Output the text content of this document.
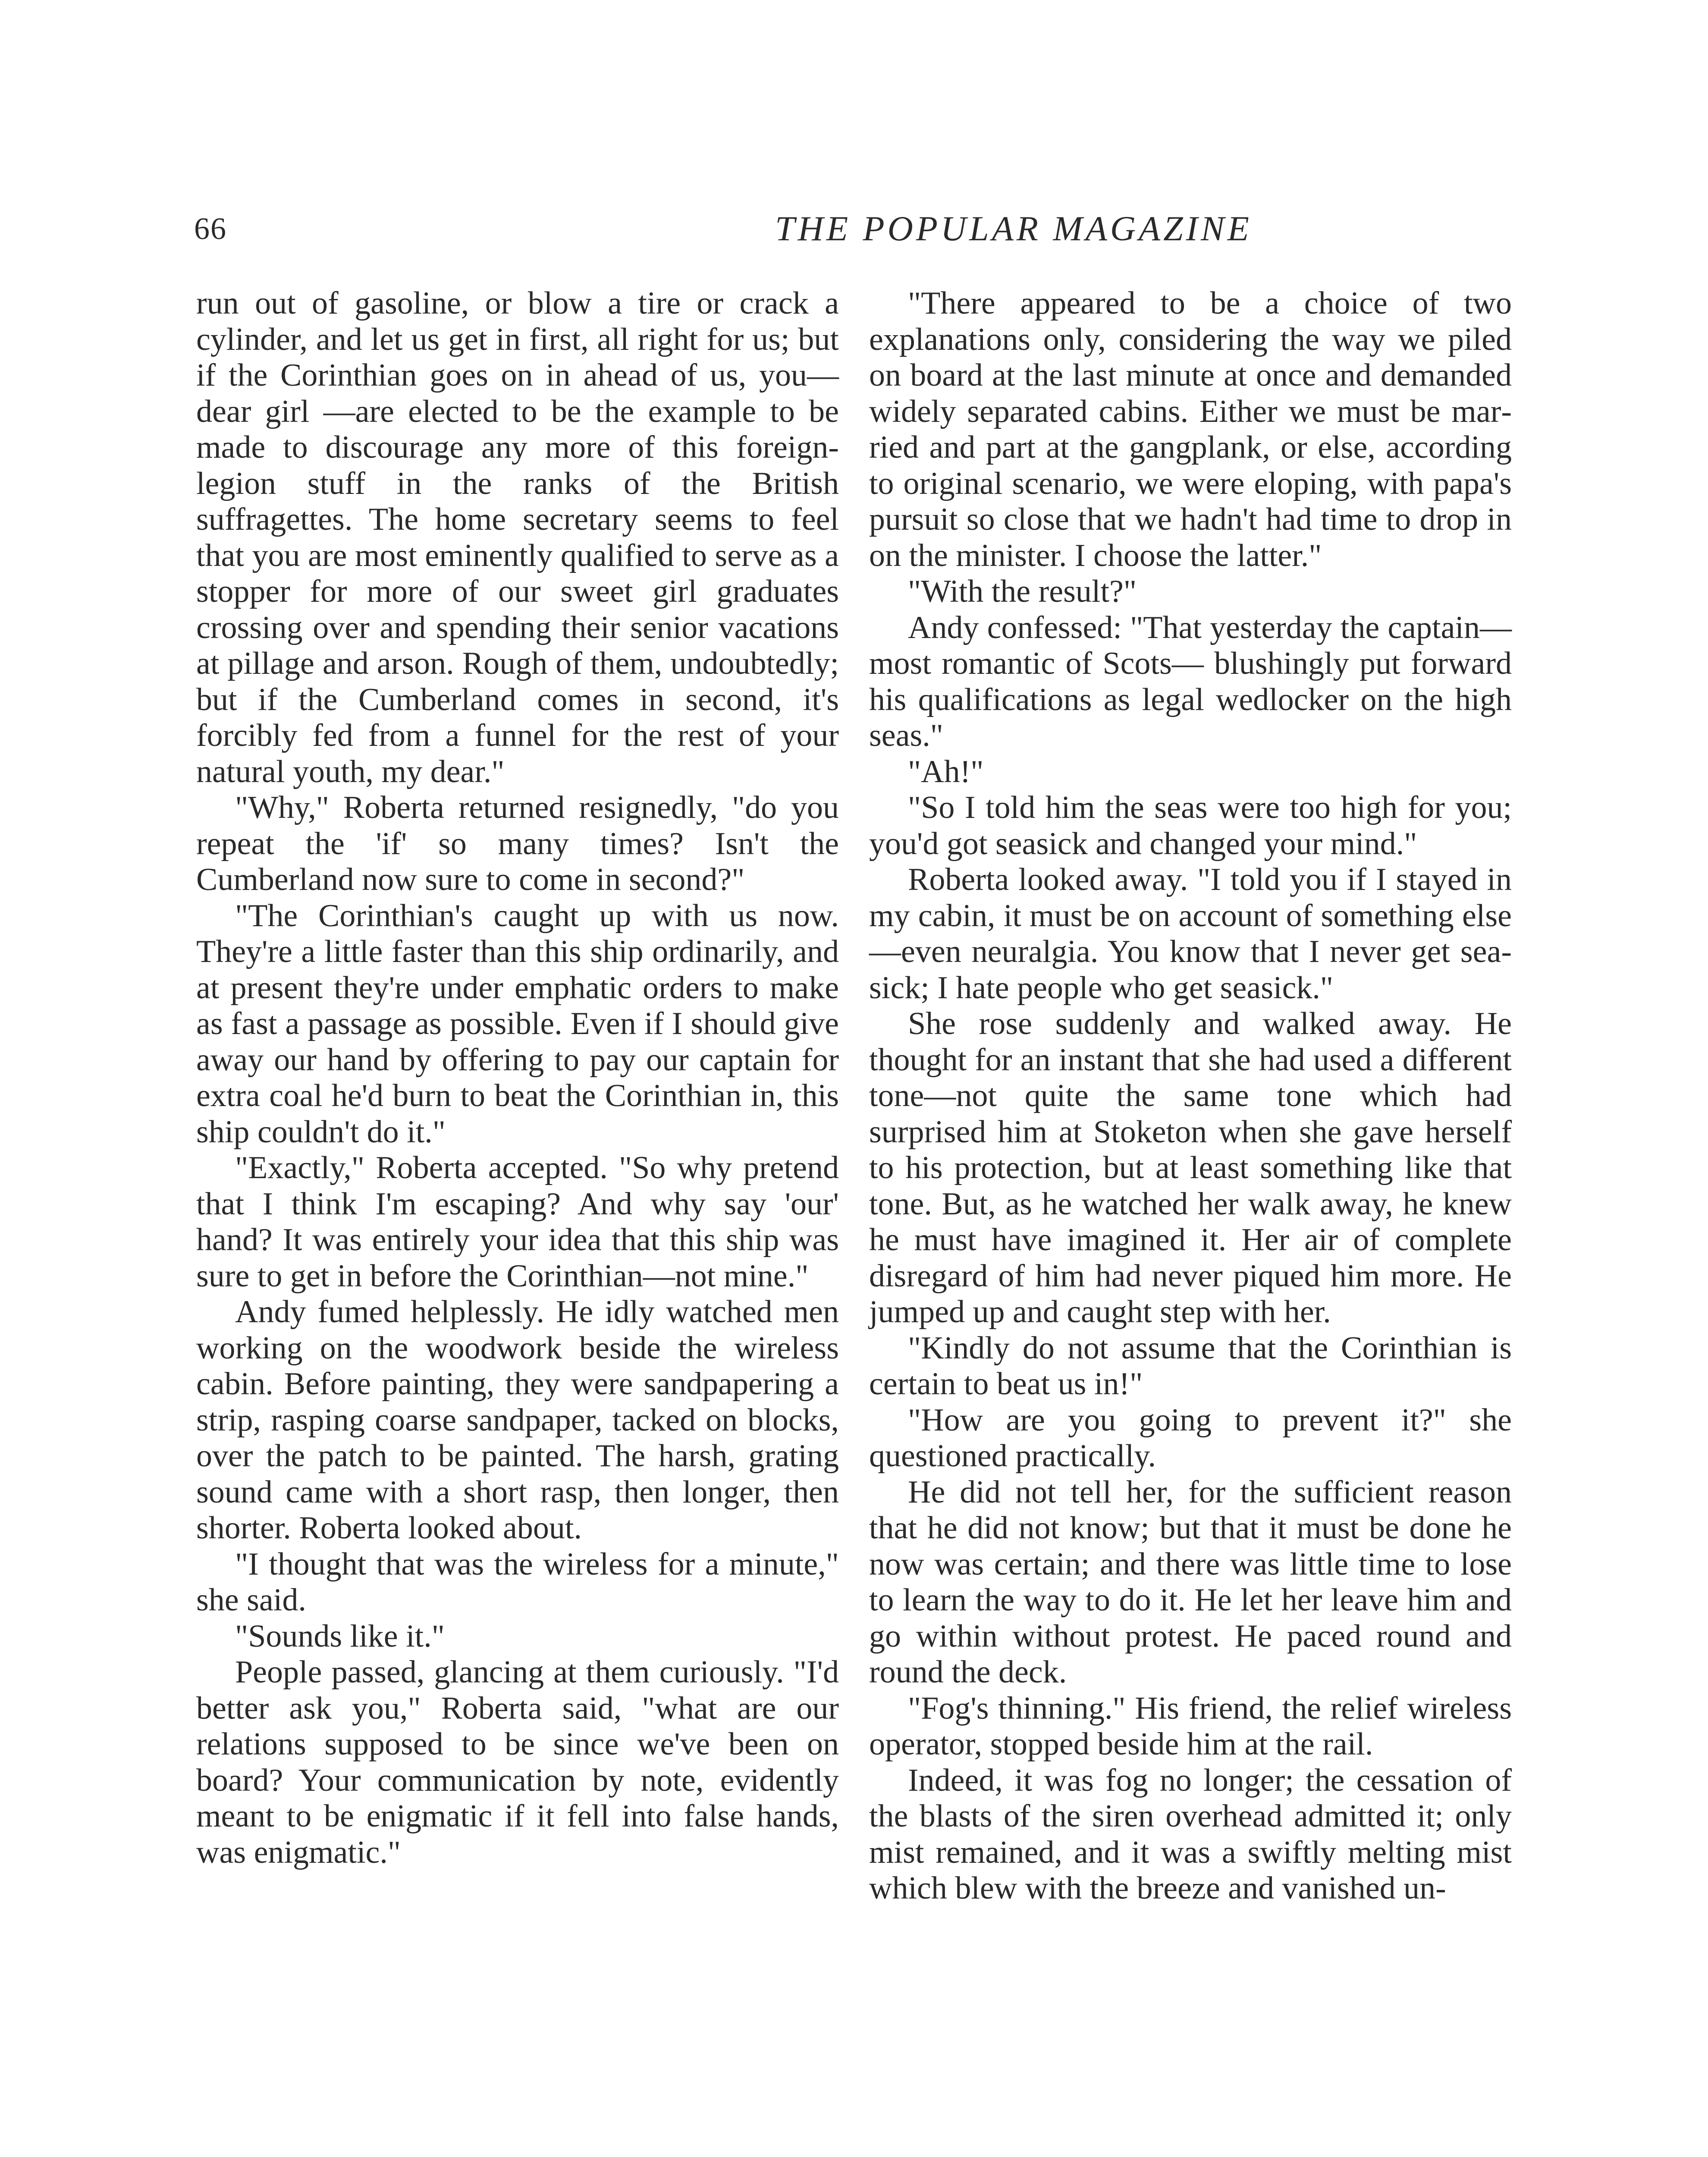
66	THE POPULAR MAGAZINE

run out of gasoline, or blow a tire or crack a cylinder, and let us get in first, all right for us; but if the Corinthian goes on in ahead of us, you—dear girl —are elected to be the example to be made to discourage any more of this foreign-legion stuff in the ranks of the British suffragettes. The home secretary seems to feel that you are most eminently qualified to serve as a stopper for more of our sweet girl graduates crossing over and spending their senior vacations at pillage and arson. Rough of them, undoubtedly; but if the Cumberland comes in second, it's forcibly fed from a funnel for the rest of your natural youth, my dear."

"Why," Roberta returned resignedly, "do you repeat the 'if' so many times? Isn't the Cumberland now sure to come in second?"

"The Corinthian's caught up with us now. They're a little faster than this ship ordinarily, and at present they're under emphatic orders to make as fast a passage as possible. Even if I should give away our hand by offering to pay our captain for extra coal he'd burn to beat the Corinthian in, this ship couldn't do it."

"Exactly," Roberta accepted. "So why pretend that I think I'm escaping? And why say 'our' hand? It was entirely your idea that this ship was sure to get in before the Corinthian—not mine."

Andy fumed helplessly. He idly watched men working on the woodwork beside the wireless cabin. Before painting, they were sandpapering a strip, rasping coarse sandpaper, tacked on blocks, over the patch to be painted. The harsh, grating sound came with a short rasp, then longer, then shorter. Roberta looked about.

"I thought that was the wireless for a minute," she said.

"Sounds like it."

People passed, glancing at them curiously. "I'd better ask you," Roberta said, "what are our relations supposed to be since we've been on board? Your communication by note, evidently meant to be enigmatic if it fell into false hands, was enigmatic."

"There appeared to be a choice of two explanations only, considering the way we piled on board at the last minute at once and demanded widely separated cabins. Either we must be married and part at the gangplank, or else, according to original scenario, we were eloping, with papa's pursuit so close that we hadn't had time to drop in on the minister. I choose the latter."

"With the result?"

Andy confessed: "That yesterday the captain—most romantic of Scots— blushingly put forward his qualifications as legal wedlocker on the high seas."

"Ah!"

"So I told him the seas were too high for you; you'd got seasick and changed your mind."

Roberta looked away. "I told you if I stayed in my cabin, it must be on account of something else—even neuralgia. You know that I never get seasick; I hate people who get seasick."

She rose suddenly and walked away. He thought for an instant that she had used a different tone—not quite the same tone which had surprised him at Stoketon when she gave herself to his protection, but at least something like that tone. But, as he watched her walk away, he knew he must have imagined it. Her air of complete disregard of him had never piqued him more. He jumped up and caught step with her.

"Kindly do not assume that the Corinthian is certain to beat us in!"

"How are you going to prevent it?" she questioned practically.

He did not tell her, for the sufficient reason that he did not know; but that it must be done he now was certain; and there was little time to lose to learn the way to do it. He let her leave him and go within without protest. He paced round and round the deck.

"Fog's thinning." His friend, the relief wireless operator, stopped beside him at the rail.

Indeed, it was fog no longer; the cessation of the blasts of the siren overhead admitted it; only mist remained, and it was a swiftly melting mist which blew with the breeze and vanished un-
